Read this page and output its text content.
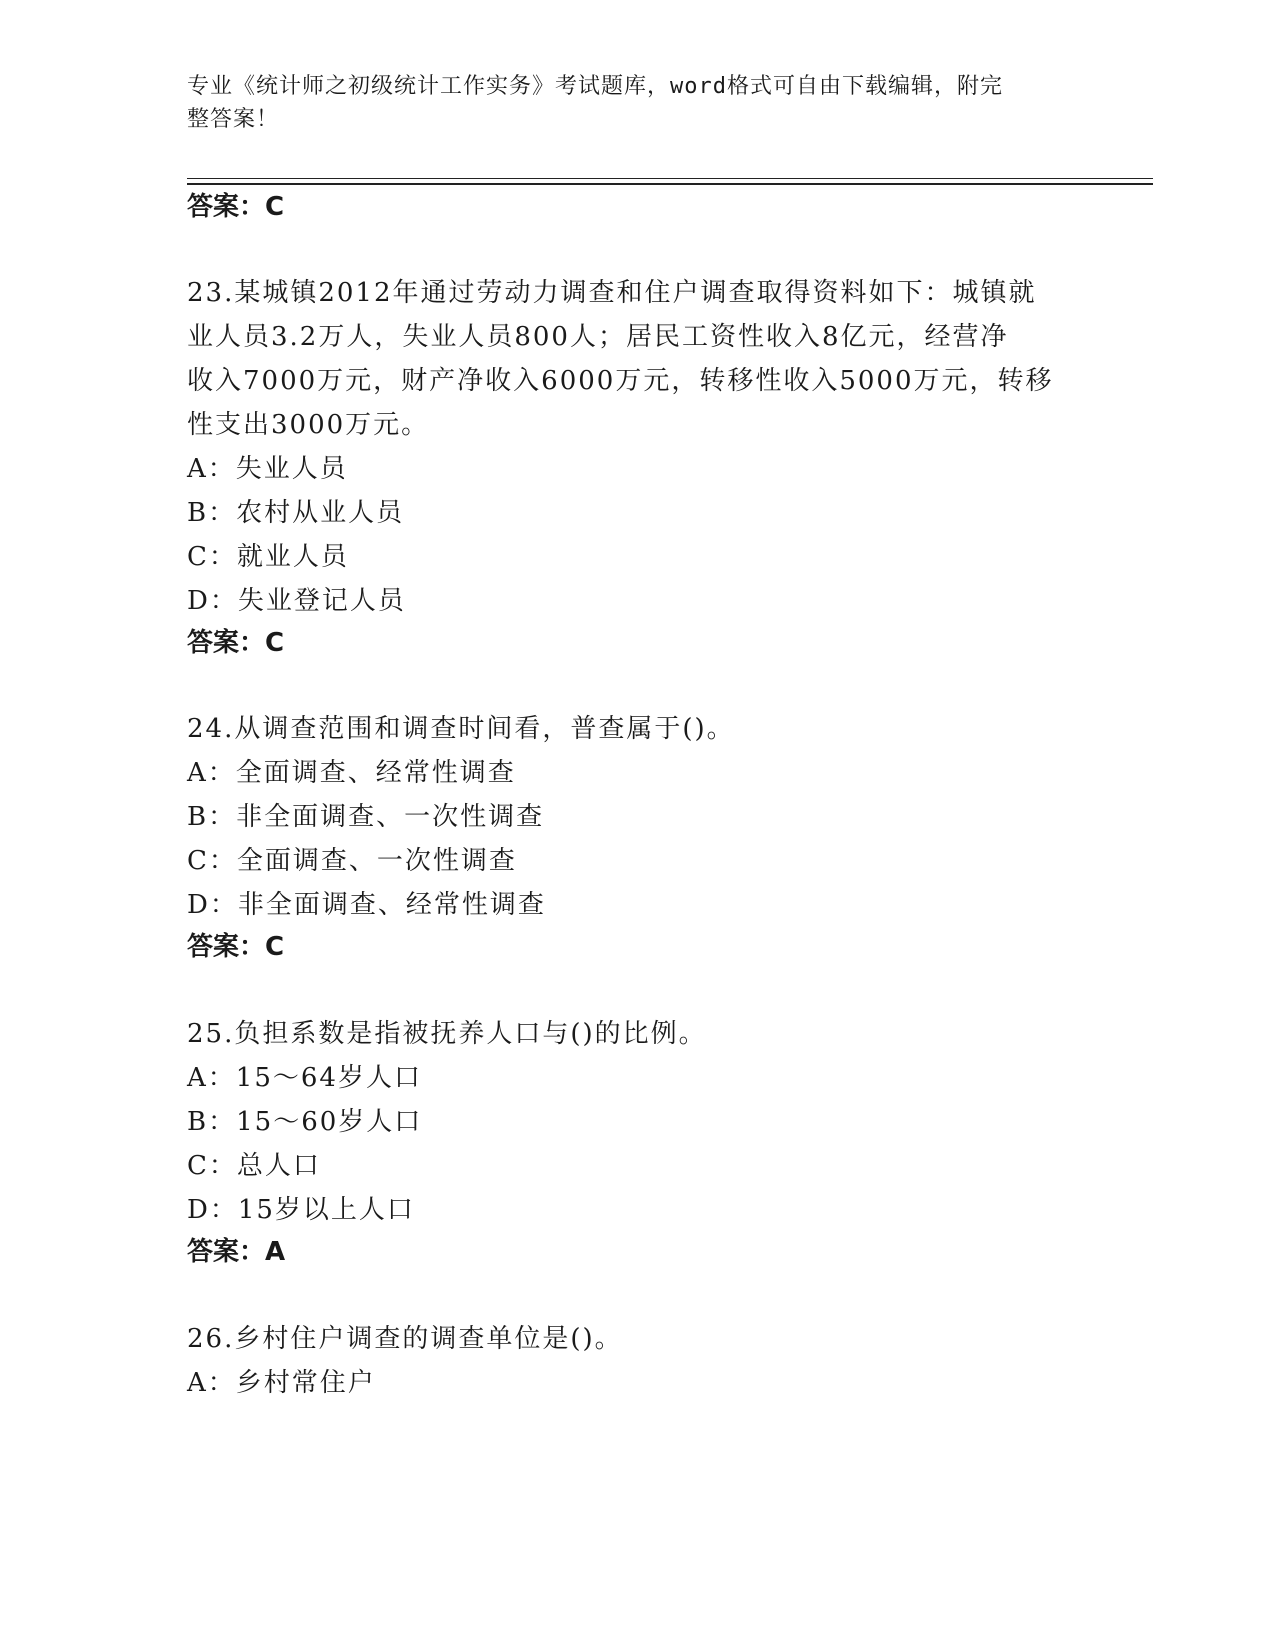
专业《统计师之初级统计工作实务》考试题库，word格式可自由下载编辑，附完
整答案！
答案：C
23.某城镇2012年通过劳动力调查和住户调查取得资料如下：城镇就
业人员3.2万人，失业人员800人；居民工资性收入8亿元，经营净
收入7000万元，财产净收入6000万元，转移性收入5000万元，转移
性支出3000万元。
A：失业人员
B：农村从业人员
C：就业人员
D：失业登记人员
答案：C
24.从调查范围和调查时间看，普查属于()。
A：全面调查、经常性调查
B：非全面调查、一次性调查
C：全面调查、一次性调查
D：非全面调查、经常性调查
答案：C
25.负担系数是指被抚养人口与()的比例。
A：15～64岁人口
B：15～60岁人口
C：总人口
D：15岁以上人口
答案：A
26.乡村住户调查的调查单位是()。
A：乡村常住户
